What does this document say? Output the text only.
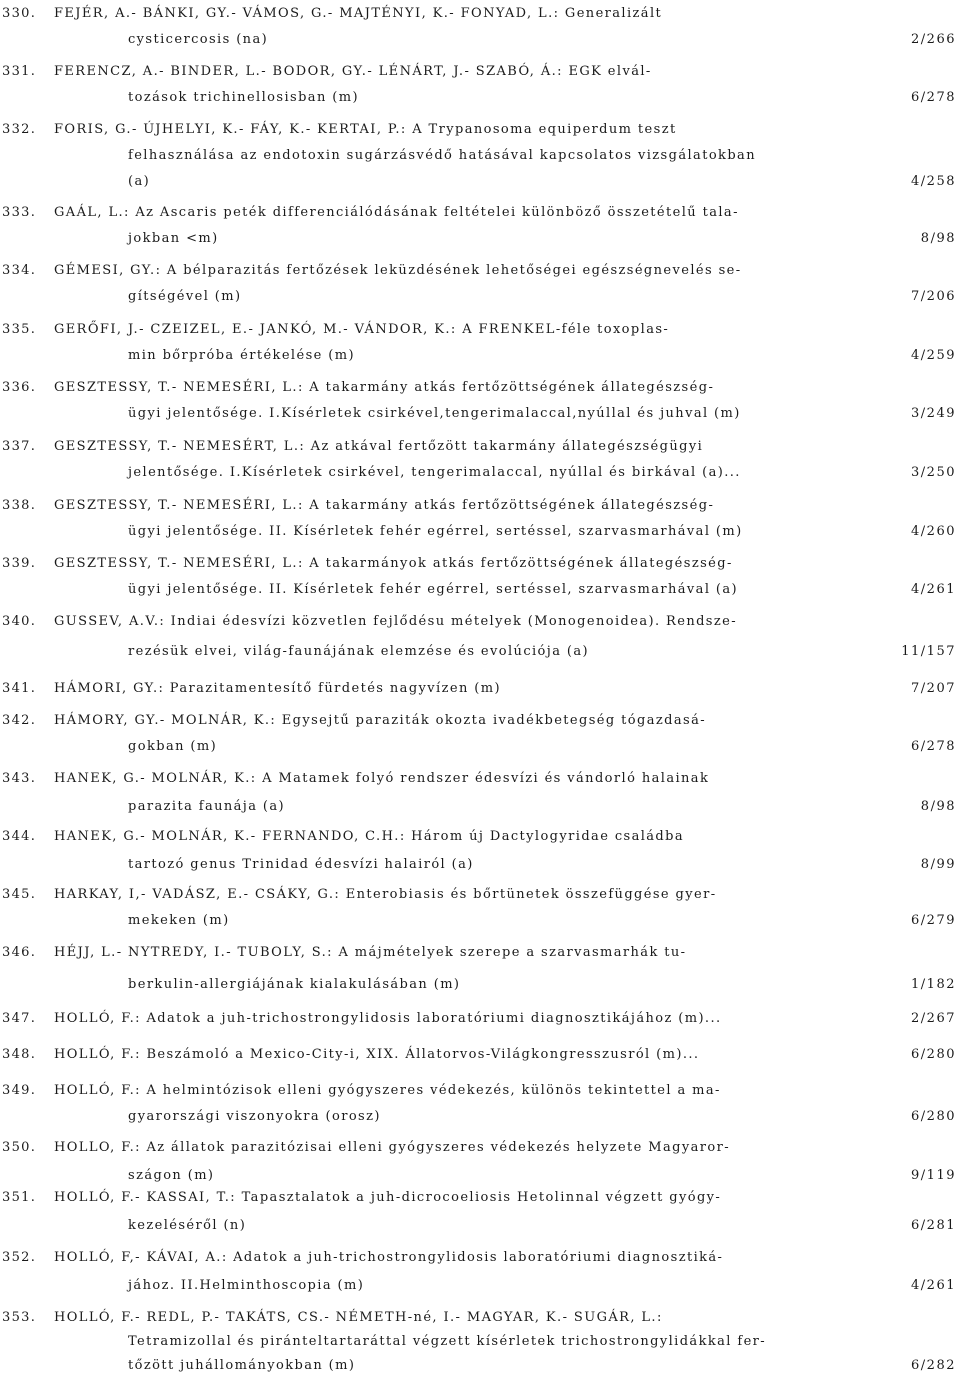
330.	FEJÉR, A.- BÁNKI, GY.- VÁMOS, G.- MAJTÉNYI, K.- FONYAD, L.: Generalizált
cysticercosis (na)	2/266
331.	FERENCZ, A.- BINDER, L.- BODOR, GY.- LÉNÁRT, J.- SZABÓ, Á.: EGK elvál-
tozások trichinellosisban (m)	6/278
332.	FORIS, G.- ÚJHELYI, K.- FÁY, K.- KERTAI, P.: A Trypanosoma equiperdum teszt
felhasználása az endotoxin sugárzásvédő hatásával kapcsolatos vizsgálatokban
(a)	4/258
333.	GAÁL, L.: Az Ascaris peték differenciálódásának feltételei különböző összetételű tala-
jokban <m)	8/98
334.	GÉMESI, GY.: A bélparazitás fertőzések leküzdésének lehetőségei egészségnevelés se-
gítségével (m)	7/206
335.	GERŐFI, J.- CZEIZEL, E.- JANKÓ, M.- VÁNDOR, K.: A FRENKEL-féle toxoplas-
min bőrpróba értékelése (m)	4/259
336.	GESZTESSY, T.- NEMESÉRI, L.: A takarmány atkás fertőzöttségének állategészség-
ügyi jelentősége. I.Kísérletek csirkével,tengerimalaccal,nyúllal és juhval (m)	3/249
337.	GESZTESSY, T.- NEMESÉRT, L.: Az atkával fertőzött takarmány állategészségügyi
jelentősége. I.Kísérletek csirkével, tengerimalaccal, nyúllal és birkával (a)...	3/250
338.	GESZTESSY, T.- NEMESÉRI, L.: A takarmány atkás fertőzöttségének állategészség-
ügyi jelentősége. II. Kísérletek fehér egérrel, sertéssel, szarvasmarhával (m)	4/260
339.	GESZTESSY, T.- NEMESÉRI, L.: A takarmányok atkás fertőzöttségének állategészség-
ügyi jelentősége. II. Kísérletek fehér egérrel, sertéssel, szarvasmarhával (a)	4/261
340.	GUSSEV, A.V.: Indiai édesvízi közvetlen fejlődésu mételyek (Monogenoidea). Rendsze-
rezésük elvei, világ-faunájának elemzése és evolúciója (a)	11/157
341.	HÁMORI, GY.: Parazitamentesítő fürdetés nagyvízen (m)	7/207
342.	HÁMORY, GY.- MOLNÁR, K.: Egysejtű paraziták okozta ivadékbetegség tógazdasá-
gokban (m)	6/278
343.	HANEK, G.- MOLNÁR, K.: A Matamek folyó rendszer édesvízi és vándorló halainak
parazita faunája (a)	8/98
344.	HANEK, G.- MOLNÁR, K.- FERNANDO, C.H.: Három új Dactylogyridae családba
tartozó genus Trinidad édesvízi halairól (a)	8/99
345.	HARKAY, I,- VADÁSZ, E.- CSÁKY, G.: Enterobiasis és bőrtünetek összefüggése gyer-
mekeken (m)	6/279
346.	HÉJJ, L.- NYTREDY, I.- TUBOLY, S.: A májmételyek szerepe a szarvasmarhák tu-
berkulin-allergiájának kialakulásában (m)	1/182
347.	HOLLÓ, F.: Adatok a juh-trichostrongylidosis laboratóriumi diagnosztikájához (m)...	2/267
348.	HOLLÓ, F.: Beszámoló a Mexico-City-i, XIX. Állatorvos-Világkongresszusról (m)...	6/280
349.	HOLLÓ, F.: A helmintózisok elleni gyógyszeres védekezés, különös tekintettel a ma-
gyarországi viszonyokra (orosz)	6/280
350.	HOLLO, F.: Az állatok parazitózisai elleni gyógyszeres védekezés helyzete Magyaror-
szágon (m)	9/119
351.	HOLLÓ, F.- KASSAI, T.: Tapasztalatok a juh-dicrocoeliosis Hetolinnal végzett gyógy-
kezeléséről (n)	6/281
352.	HOLLÓ, F,- KÁVAI, A.: Adatok a juh-trichostrongylidosis laboratóriumi diagnosztiká-
jához. II.Helminthoscopia (m)	4/261
353.	HOLLÓ, F.- REDL, P.- TAKÁTS, CS.- NÉMETH-né, I.- MAGYAR, K.- SUGÁR, L.:
Tetramizollal és piránteltartaráttal végzett kísérletek trichostrongylidákkal fer-
tőzött juhállományokban (m)	6/282
